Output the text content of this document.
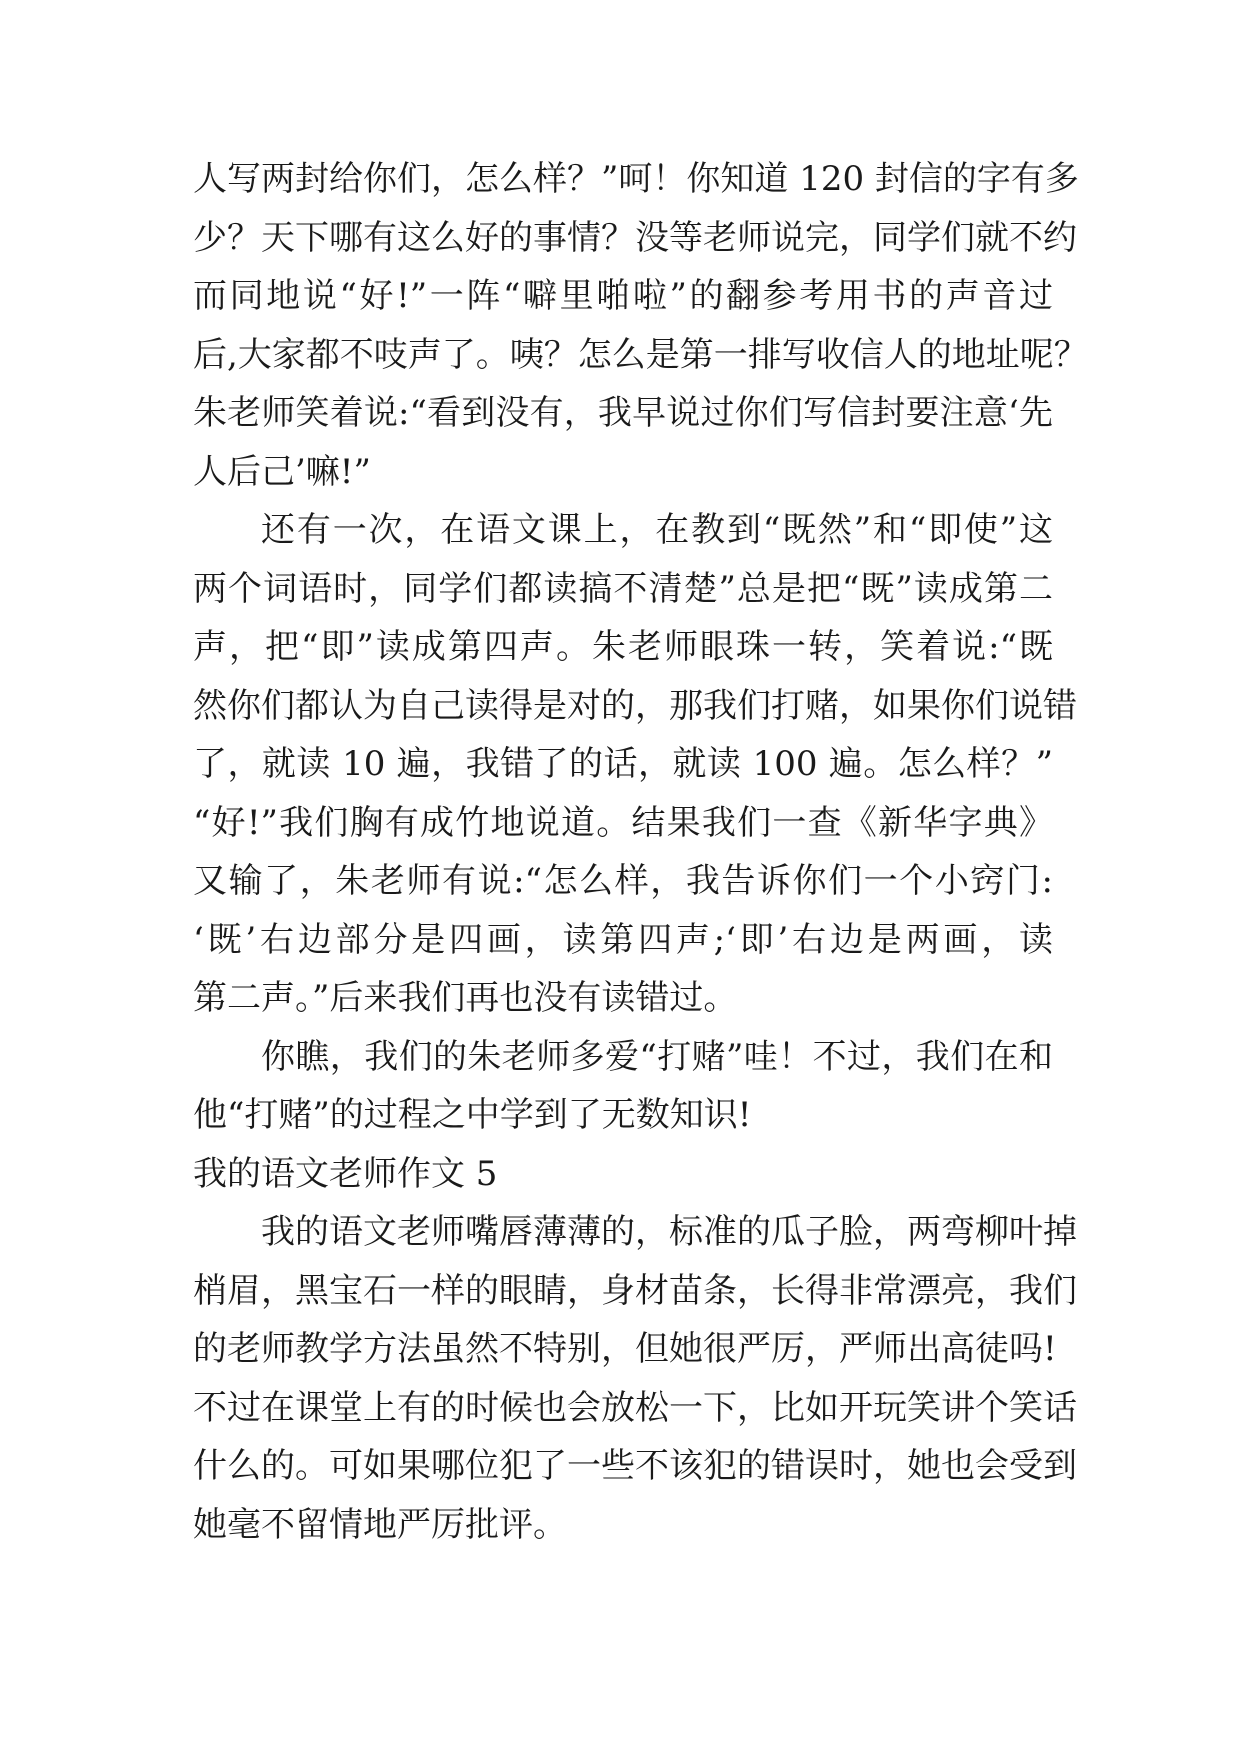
人写两封给你们，怎么样？”呵！你知道 120 封信的字有多
少？天下哪有这么好的事情？没等老师说完，同学们就不约
而同地说“好!”一阵“噼里啪啦”的翻参考用书的声音过
后,大家都不吱声了。咦？怎么是第一排写收信人的地址呢？
朱老师笑着说:“看到没有，我早说过你们写信封要注意‘先
人后己’嘛!”
还有一次，在语文课上，在教到“既然”和“即使”这
两个词语时，同学们都读搞不清楚”总是把“既”读成第二
声，把“即”读成第四声。朱老师眼珠一转，笑着说:“既
然你们都认为自己读得是对的，那我们打赌，如果你们说错
了，就读 10 遍，我错了的话，就读 100 遍。怎么样？”
“好!”我们胸有成竹地说道。结果我们一查《新华字典》
又输了，朱老师有说:“怎么样，我告诉你们一个小窍门:
‘既’右边部分是四画，读第四声;‘即’右边是两画，读
第二声。”后来我们再也没有读错过。
你瞧，我们的朱老师多爱“打赌”哇！不过，我们在和
他“打赌”的过程之中学到了无数知识!
我的语文老师作文 5
我的语文老师嘴唇薄薄的，标准的瓜子脸，两弯柳叶掉
梢眉，黑宝石一样的眼睛，身材苗条，长得非常漂亮，我们
的老师教学方法虽然不特别，但她很严厉，严师出高徒吗!
不过在课堂上有的时候也会放松一下，比如开玩笑讲个笑话
什么的。可如果哪位犯了一些不该犯的错误时，她也会受到
她毫不留情地严厉批评。
